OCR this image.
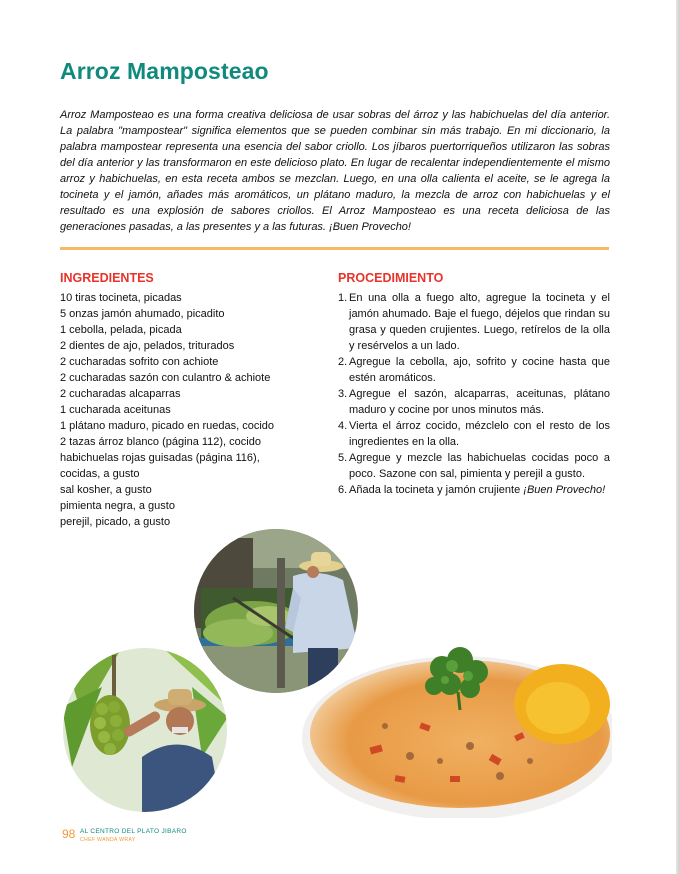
Arroz Mamposteao

Arroz Mamposteao es una forma creativa deliciosa de usar sobras del árroz y las habichuelas del día anterior. La palabra "mampostear" significa elementos que se pueden combinar sin más trabajo. En mi diccionario, la palabra mampostear representa una esencia del sabor criollo. Los jíbaros puertorriqueños utilizaron las sobras del día anterior y las transformaron en este delicioso plato. En lugar de recalentar independientemente el mismo arroz y habichuelas, en esta receta ambos se mezclan. Luego, en una olla calienta el aceite, se le agrega la tocineta y el jamón, añades más aromáticos, un plátano maduro, la mezcla de arroz con habichuelas y el resultado es una explosión de sabores criollos. El Arroz Mamposteao es una receta deliciosa de las generaciones pasadas, a las presentes y a las futuras. ¡Buen Provecho!

INGREDIENTES
10 tiras tocineta, picadas
5 onzas jamón ahumado, picadito
1 cebolla, pelada, picada
2 dientes de ajo, pelados, triturados
2 cucharadas sofrito con achiote
2 cucharadas sazón con culantro & achiote
2 cucharadas alcaparras
1 cucharada aceitunas
1 plátano maduro, picado en ruedas, cocido
2 tazas árroz blanco (página 112), cocido
habichuelas rojas guisadas (página 116),
cocidas, a gusto
sal kosher, a gusto
pimienta negra, a gusto
perejil, picado, a gusto
PROCEDIMIENTO
1. En una olla a fuego alto, agregue la tocineta y el jamón ahumado. Baje el fuego, déjelos que rindan su grasa y queden crujientes. Luego, retírelos de la olla y resérvelos a un lado.
2. Agregue la cebolla, ajo, sofrito y cocine hasta que estén aromáticos.
3. Agregue el sazón, alcaparras, aceitunas, plátano maduro y cocine por unos minutos más.
4. Vierta el árroz cocido, mézclelo con el resto de los ingredientes en la olla.
5. Agregue y mezcle las habichuelas cocidas poco a poco. Sazone con sal, pimienta y perejil a gusto.
6. Añada la tocineta y jamón crujiente ¡Buen Provecho!
98 AL CENTRO DEL PLATO JIBARO
CHEF WANDA WRAY
